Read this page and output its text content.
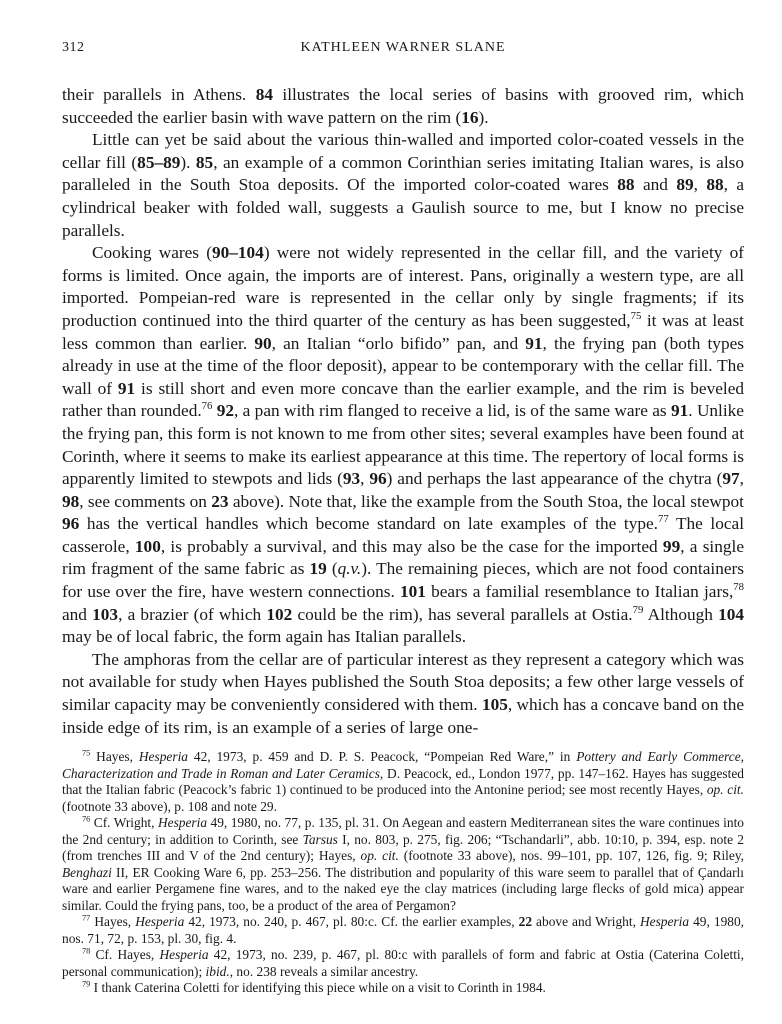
312	KATHLEEN WARNER SLANE

their parallels in Athens. 84 illustrates the local series of basins with grooved rim, which succeeded the earlier basin with wave pattern on the rim (16).

Little can yet be said about the various thin-walled and imported color-coated vessels in the cellar fill (85–89). 85, an example of a common Corinthian series imitating Italian wares, is also paralleled in the South Stoa deposits. Of the imported color-coated wares 88 and 89, 88, a cylindrical beaker with folded wall, suggests a Gaulish source to me, but I know no precise parallels.

Cooking wares (90–104) were not widely represented in the cellar fill, and the variety of forms is limited. Once again, the imports are of interest. Pans, originally a western type, are all imported. Pompeian-red ware is represented in the cellar only by single fragments; if its production continued into the third quarter of the century as has been suggested,$^{75}$ it was at least less common than earlier. 90, an Italian “orlo bifido” pan, and 91, the frying pan (both types already in use at the time of the floor deposit), appear to be contemporary with the cellar fill. The wall of 91 is still short and even more concave than the earlier example, and the rim is beveled rather than rounded.$^{76}$ 92, a pan with rim flanged to receive a lid, is of the same ware as 91. Unlike the frying pan, this form is not known to me from other sites; several examples have been found at Corinth, where it seems to make its earliest appearance at this time. The repertory of local forms is apparently limited to stewpots and lids (93, 96) and perhaps the last appearance of the chytra (97, 98, see comments on 23 above). Note that, like the example from the South Stoa, the local stewpot 96 has the vertical handles which become standard on late examples of the type.$^{77}$ The local casserole, 100, is probably a survival, and this may also be the case for the imported 99, a single rim fragment of the same fabric as 19 (q.v.). The remaining pieces, which are not food containers for use over the fire, have western connections. 101 bears a familial resemblance to Italian jars,$^{78}$ and 103, a brazier (of which 102 could be the rim), has several parallels at Ostia.$^{79}$ Although 104 may be of local fabric, the form again has Italian parallels.

The amphoras from the cellar are of particular interest as they represent a category which was not available for study when Hayes published the South Stoa deposits; a few other large vessels of similar capacity may be conveniently considered with them. 105, which has a concave band on the inside edge of its rim, is an example of a series of large one-

$^{75}$ Hayes, Hesperia 42, 1973, p. 459 and D. P. S. Peacock, “Pompeian Red Ware,” in Pottery and Early Commerce, Characterization and Trade in Roman and Later Ceramics, D. Peacock, ed., London 1977, pp. 147–162. Hayes has suggested that the Italian fabric (Peacock’s fabric 1) continued to be produced into the Antonine period; see most recently Hayes, op. cit. (footnote 33 above), p. 108 and note 29.

$^{76}$ Cf. Wright, Hesperia 49, 1980, no. 77, p. 135, pl. 31. On Aegean and eastern Mediterranean sites the ware continues into the 2nd century; in addition to Corinth, see Tarsus I, no. 803, p. 275, fig. 206; “Tschandarli”, abb. 10:10, p. 394, esp. note 2 (from trenches III and V of the 2nd century); Hayes, op. cit. (footnote 33 above), nos. 99–101, pp. 107, 126, fig. 9; Riley, Benghazi II, ER Cooking Ware 6, pp. 253–256. The distribution and popularity of this ware seem to parallel that of Çandarlı ware and earlier Pergamene fine wares, and to the naked eye the clay matrices (including large flecks of gold mica) appear similar. Could the frying pans, too, be a product of the area of Pergamon?

$^{77}$ Hayes, Hesperia 42, 1973, no. 240, p. 467, pl. 80:c. Cf. the earlier examples, 22 above and Wright, Hesperia 49, 1980, nos. 71, 72, p. 153, pl. 30, fig. 4.

$^{78}$ Cf. Hayes, Hesperia 42, 1973, no. 239, p. 467, pl. 80:c with parallels of form and fabric at Ostia (Caterina Coletti, personal communication); ibid., no. 238 reveals a similar ancestry.

$^{79}$ I thank Caterina Coletti for identifying this piece while on a visit to Corinth in 1984.
